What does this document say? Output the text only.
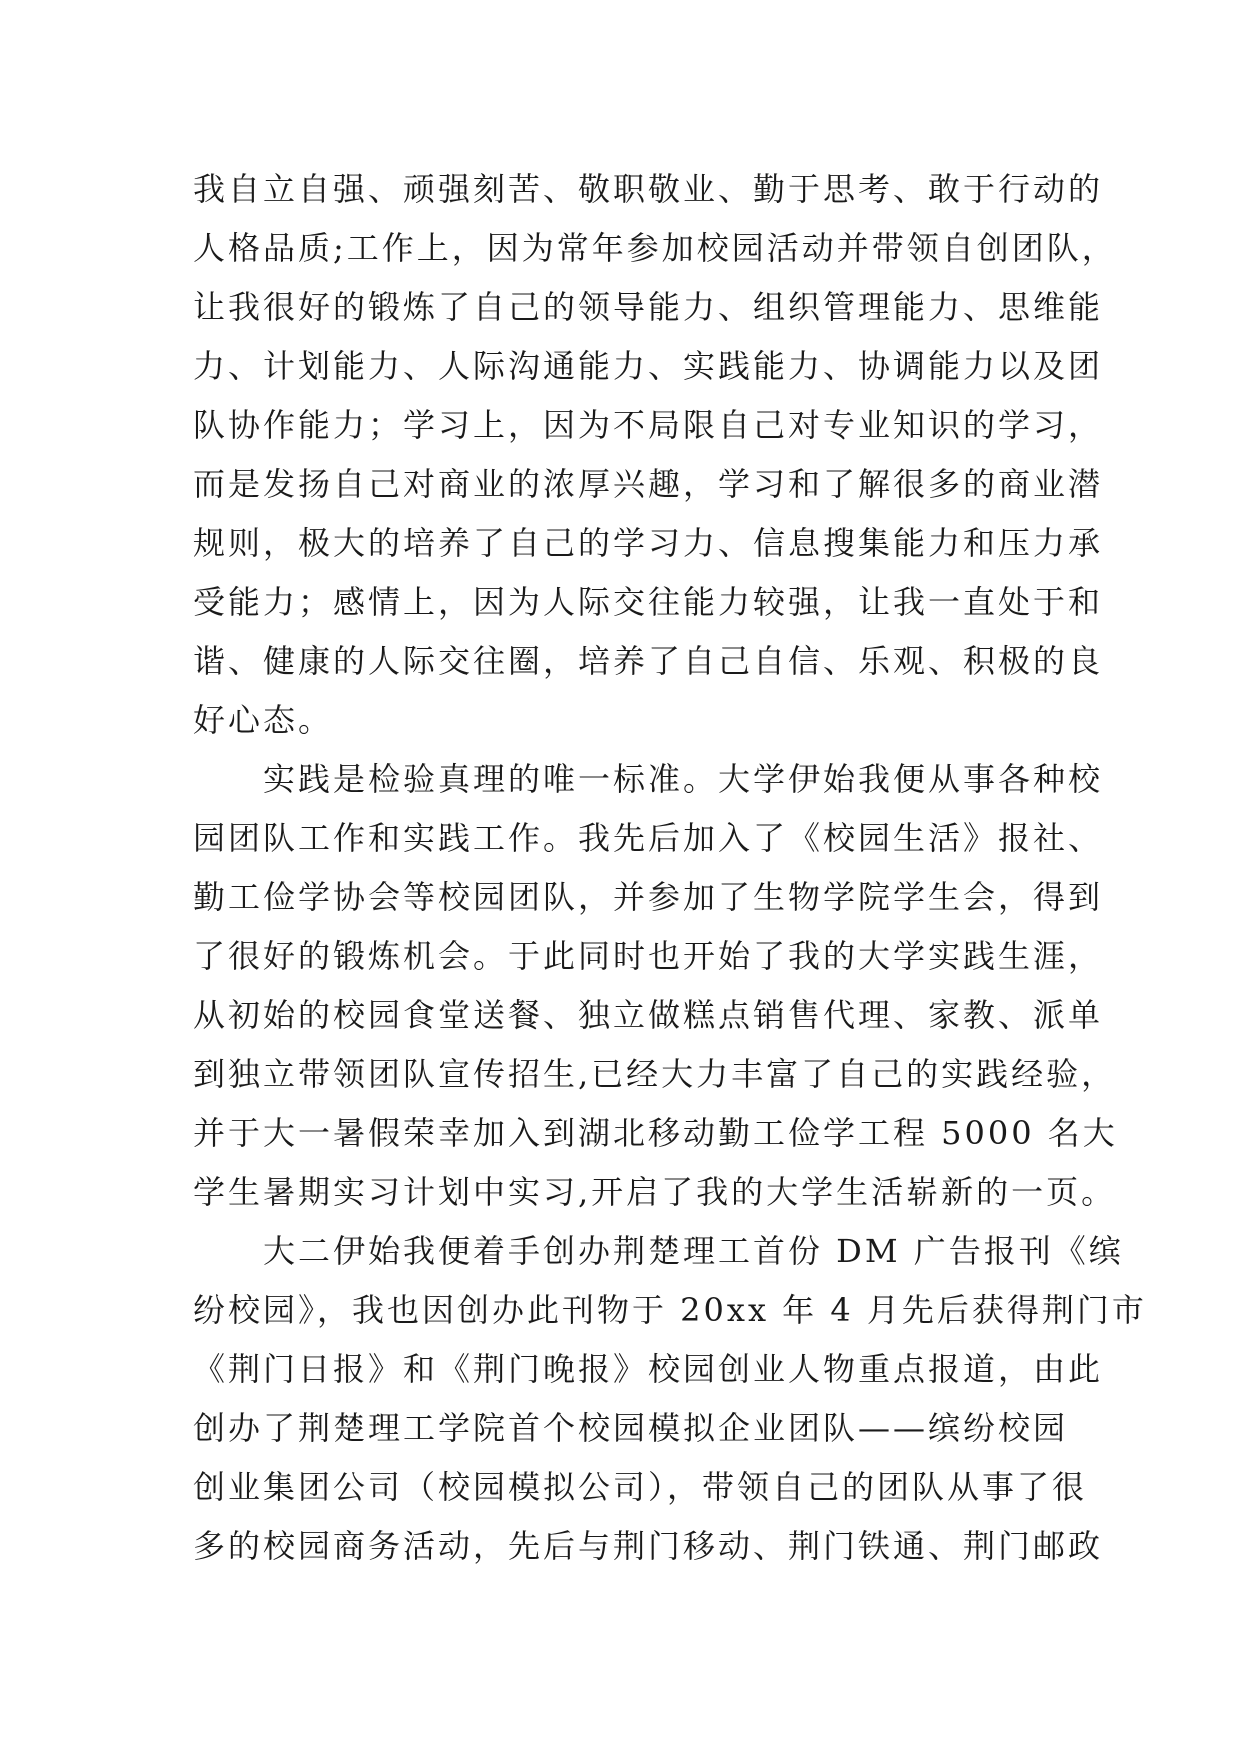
我自立自强、顽强刻苦、敬职敬业、勤于思考、敢于行动的
人格品质;工作上，因为常年参加校园活动并带领自创团队，
让我很好的锻炼了自己的领导能力、组织管理能力、思维能
力、计划能力、人际沟通能力、实践能力、协调能力以及团
队协作能力；学习上，因为不局限自己对专业知识的学习，
而是发扬自己对商业的浓厚兴趣，学习和了解很多的商业潜
规则，极大的培养了自己的学习力、信息搜集能力和压力承
受能力；感情上，因为人际交往能力较强，让我一直处于和
谐、健康的人际交往圈，培养了自己自信、乐观、积极的良
好心态。
　　实践是检验真理的唯一标准。大学伊始我便从事各种校
园团队工作和实践工作。我先后加入了《校园生活》报社、
勤工俭学协会等校园团队，并参加了生物学院学生会，得到
了很好的锻炼机会。于此同时也开始了我的大学实践生涯，
从初始的校园食堂送餐、独立做糕点销售代理、家教、派单
到独立带领团队宣传招生,已经大力丰富了自己的实践经验，
并于大一暑假荣幸加入到湖北移动勤工俭学工程 5000 名大
学生暑期实习计划中实习,开启了我的大学生活崭新的一页。
　　大二伊始我便着手创办荆楚理工首份 DM 广告报刊《缤
纷校园》，我也因创办此刊物于 20xx 年 4 月先后获得荆门市
《荆门日报》和《荆门晚报》校园创业人物重点报道，由此
创办了荆楚理工学院首个校园模拟企业团队——缤纷校园
创业集团公司（校园模拟公司），带领自己的团队从事了很
多的校园商务活动，先后与荆门移动、荆门铁通、荆门邮政
